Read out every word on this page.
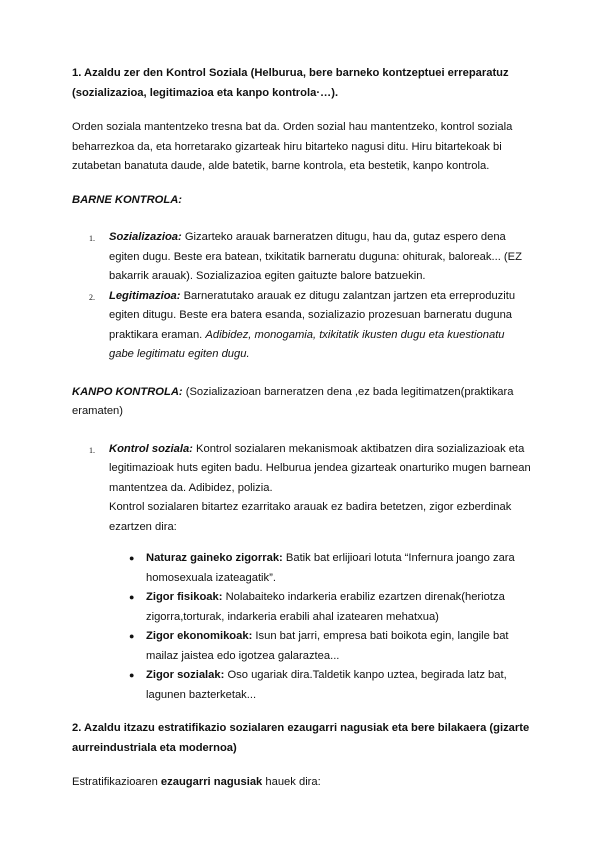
1. Azaldu zer den Kontrol Soziala (Helburua, bere barneko kontzeptuei erreparatuz (sozializazioa, legitimazioa eta kanpo kontrola·…).

Orden soziala mantentzeko tresna bat da. Orden sozial hau mantentzeko, kontrol soziala beharrezkoa da, eta horretarako gizarteak hiru bitarteko nagusi ditu. Hiru bitartekoak bi zutabetan banatuta daude, alde batetik, barne kontrola, eta bestetik, kanpo kontrola.

BARNE KONTROLA:

1. Sozializazioa: Gizarteko arauak barneratzen ditugu, hau da, gutaz espero dena egiten dugu. Beste era batean, txikitatik barneratu duguna: ohiturak, baloreak... (EZ bakarrik arauak). Sozializazioa egiten gaituzte balore batzuekin.
2. Legitimazioa: Barneratutako arauak ez ditugu zalantzan jartzen eta erreproduzitu egiten ditugu. Beste era batera esanda, sozializazio prozesuan barneratu duguna praktikara eraman. Adibidez, monogamia, txikitatik ikusten dugu eta kuestionatu gabe legitimatu egiten dugu.

KANPO KONTROLA: (Sozializazioan barneratzen dena ,ez bada legitimatzen(praktikara eramaten)

1. Kontrol soziala: Kontrol sozialaren mekanismoak aktibatzen dira sozializazioak eta legitimazioak huts egiten badu. Helburua jendea gizarteak onarturiko mugen barnean mantentzea da. Adibidez, polizia.

Kontrol sozialaren bitartez ezarritako arauak ez badira betetzen, zigor ezberdinak ezartzen dira:

● Naturaz gaineko zigorrak: Batik bat erlijioari lotuta “Infernura joango zara homosexuala izateagatik”.
● Zigor fisikoak: Nolabaiteko indarkeria erabiliz ezartzen direnak(heriotza zigorra,torturak, indarkeria erabili ahal izatearen mehatxua)
● Zigor ekonomikoak: Isun bat jarri, empresa bati boikota egin, langile bat mailaz jaistea edo igotzea galaraztea...
● Zigor sozialak: Oso ugariak dira.Taldetik kanpo uztea, begirada latz bat, lagunen bazterketak...

2. Azaldu itzazu estratifikazio sozialaren ezaugarri nagusiak eta bere bilakaera (gizarte aurreindustriala eta modernoa)

Estratifikazioaren ezaugarri nagusiak hauek dira:
